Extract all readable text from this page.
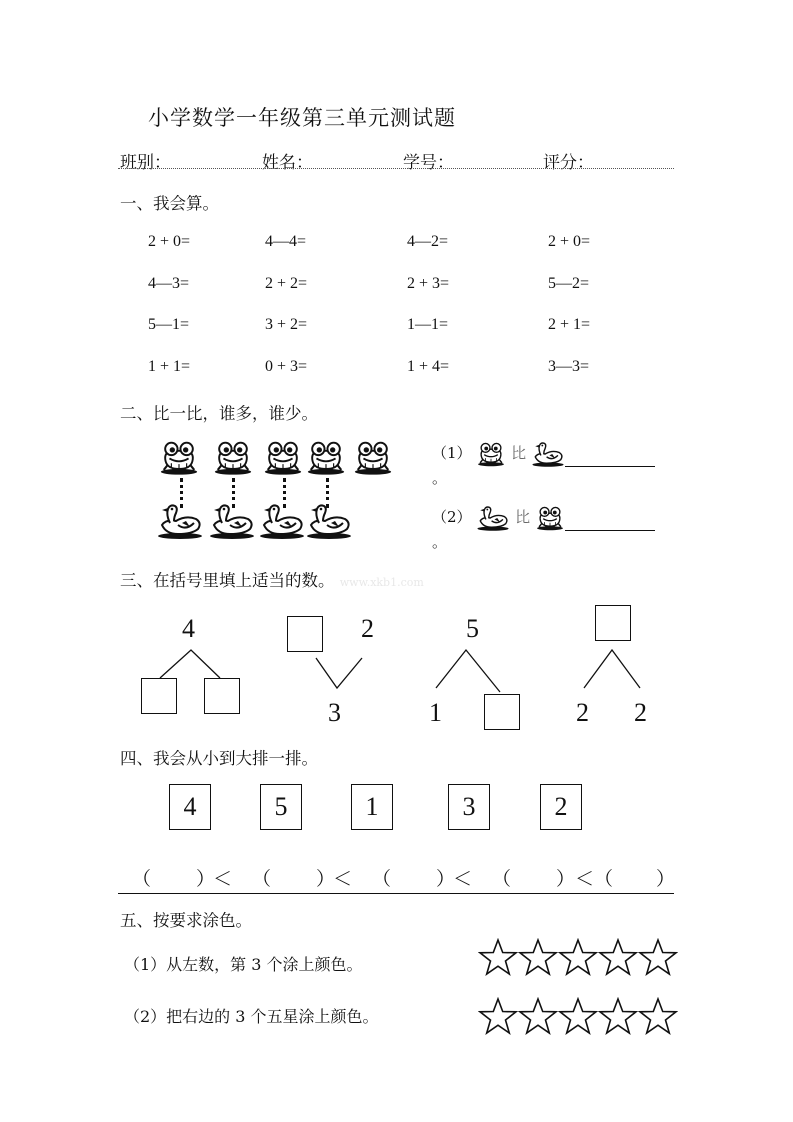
小学数学一年级第三单元测试题
班别：	姓名：	学号：	评分：
一、我会算。
2 + 0=	4—4=	4—2=	2 + 0=
4—3=	2 + 2=	2 + 3=	5—2=
5—1=	3 + 2=	1—1=	2 + 1=
1 + 1=	0 + 3=	1 + 4=	3—3=
二、比一比，谁多，谁少。
（1）	比 。
（2）	比 。
三、在括号里填上适当的数。 www.xkb1.com
4	2
3
5
1	2 2
四、我会从小到大排一排。
4	5	1	3	2
（ ）
＜ （ ）
＜ （ ）
＜ （ ） ＜ （ ）
五、按要求涂色。
（1）从左数，第 3 个涂上颜色。
（2）把右边的 3 个五星涂上颜色。
